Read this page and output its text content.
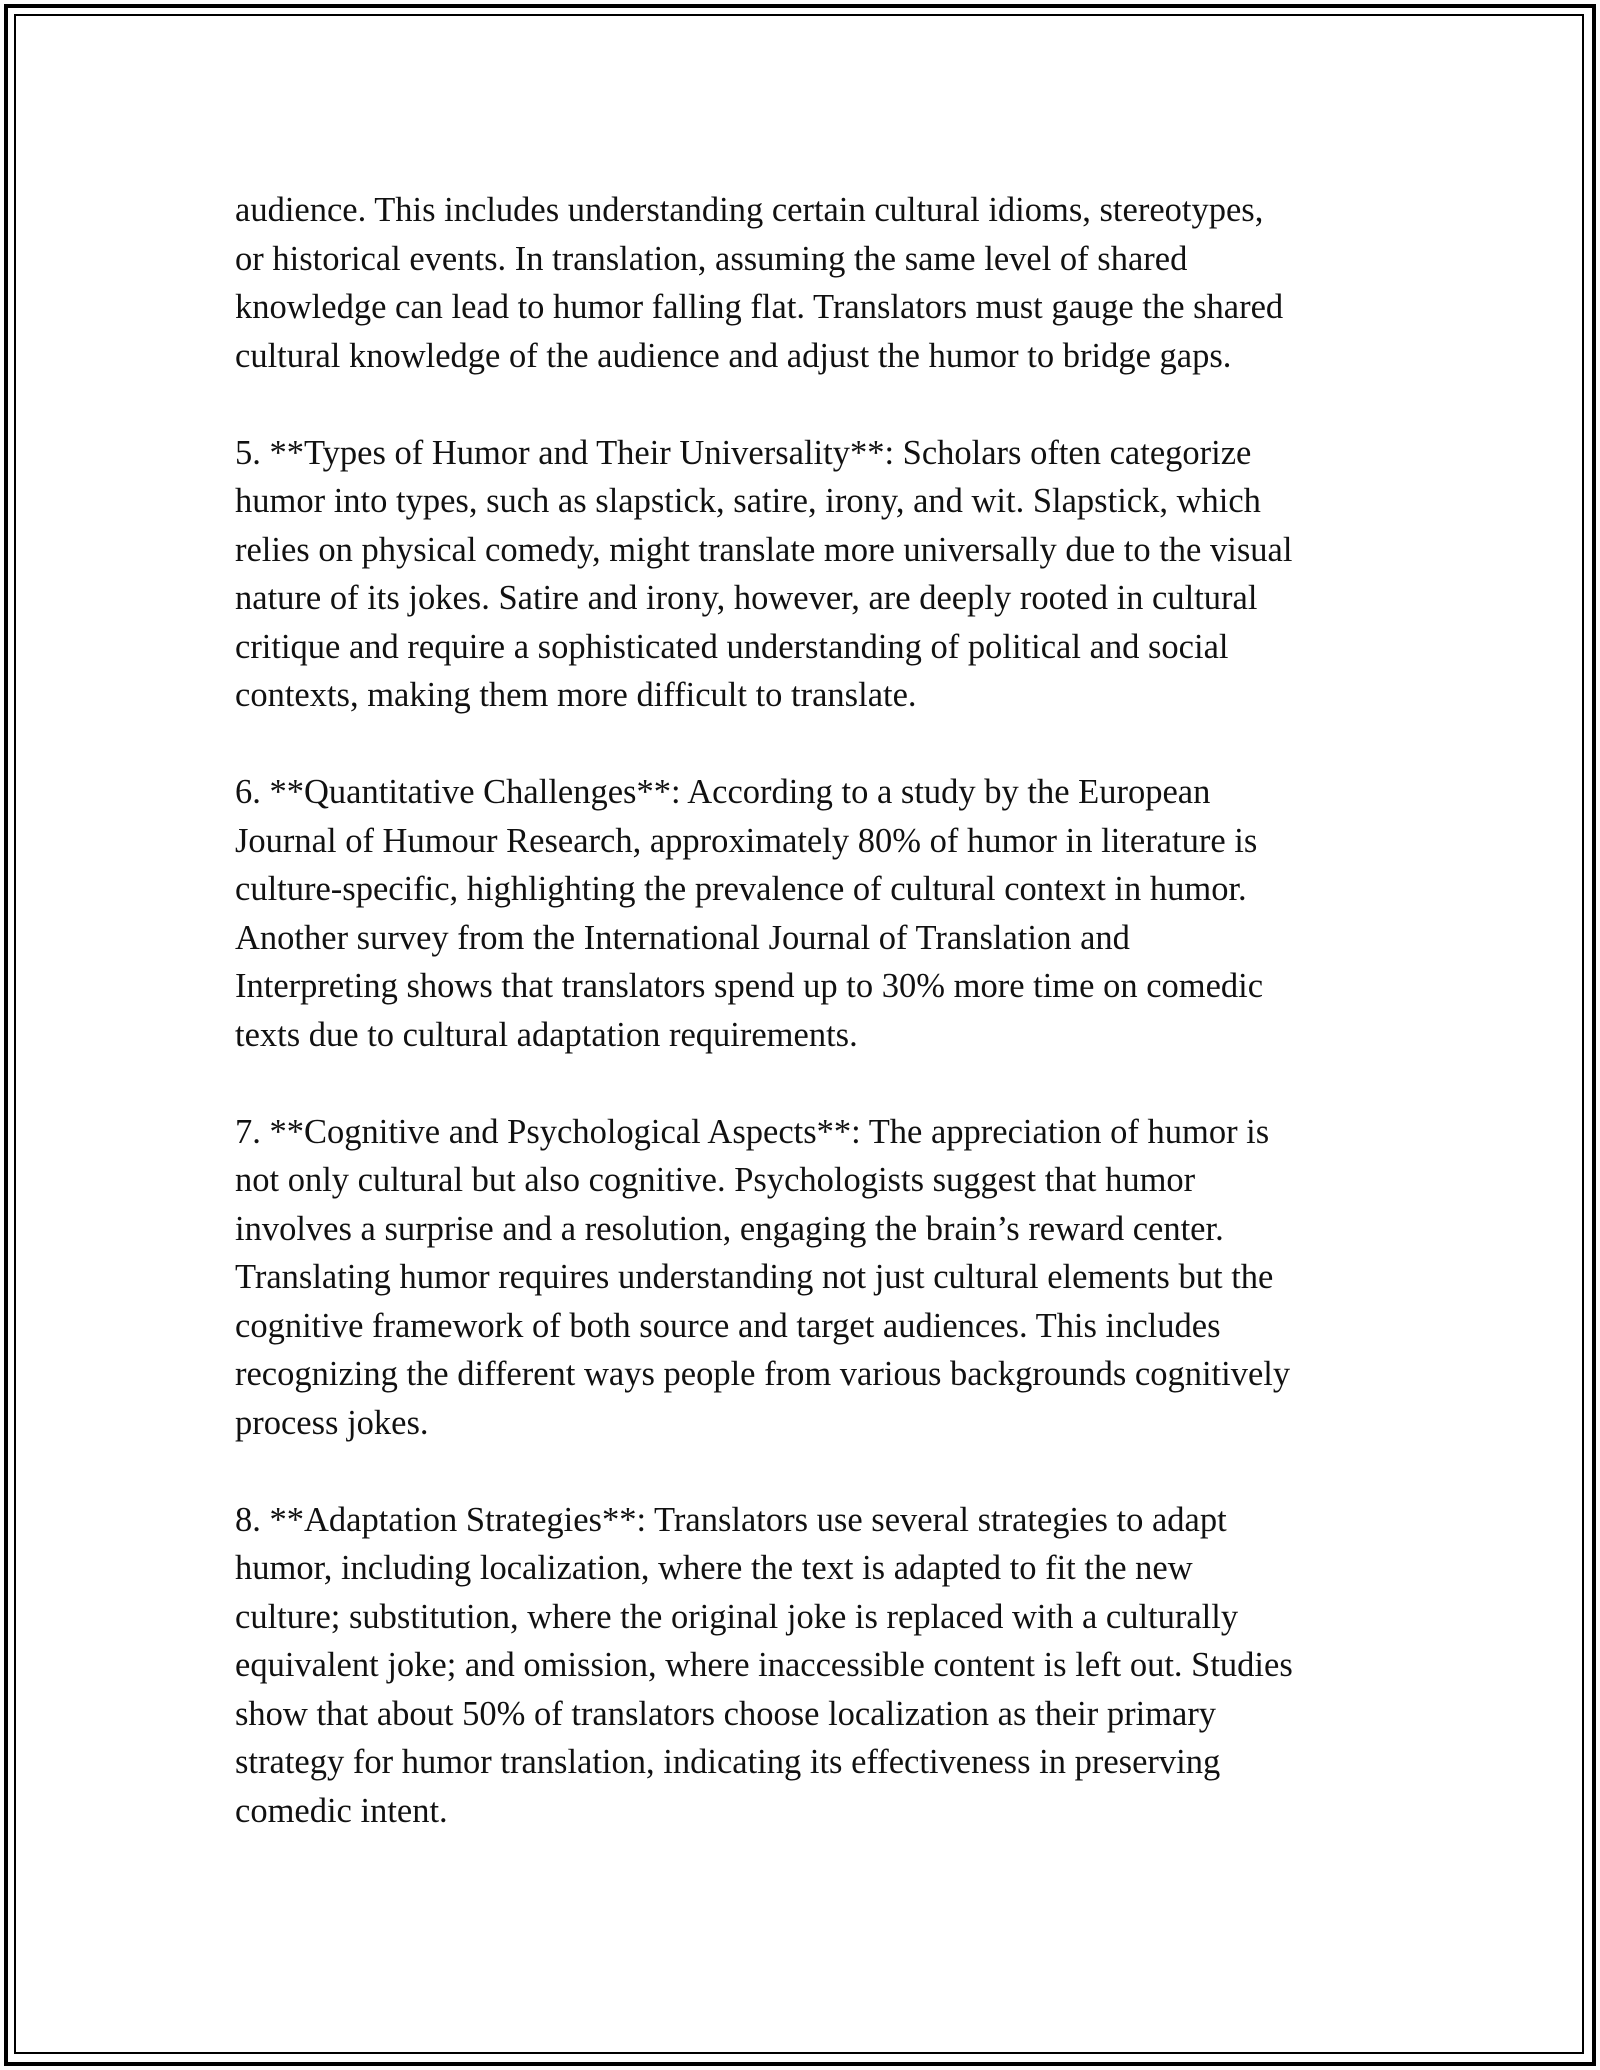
audience. This includes understanding certain cultural idioms, stereotypes,
or historical events. In translation, assuming the same level of shared
knowledge can lead to humor falling flat. Translators must gauge the shared
cultural knowledge of the audience and adjust the humor to bridge gaps.

5. **Types of Humor and Their Universality**: Scholars often categorize
humor into types, such as slapstick, satire, irony, and wit. Slapstick, which
relies on physical comedy, might translate more universally due to the visual
nature of its jokes. Satire and irony, however, are deeply rooted in cultural
critique and require a sophisticated understanding of political and social
contexts, making them more difficult to translate.

6. **Quantitative Challenges**: According to a study by the European
Journal of Humour Research, approximately 80% of humor in literature is
culture-specific, highlighting the prevalence of cultural context in humor.
Another survey from the International Journal of Translation and
Interpreting shows that translators spend up to 30% more time on comedic
texts due to cultural adaptation requirements.

7. **Cognitive and Psychological Aspects**: The appreciation of humor is
not only cultural but also cognitive. Psychologists suggest that humor
involves a surprise and a resolution, engaging the brain’s reward center.
Translating humor requires understanding not just cultural elements but the
cognitive framework of both source and target audiences. This includes
recognizing the different ways people from various backgrounds cognitively
process jokes.

8. **Adaptation Strategies**: Translators use several strategies to adapt
humor, including localization, where the text is adapted to fit the new
culture; substitution, where the original joke is replaced with a culturally
equivalent joke; and omission, where inaccessible content is left out. Studies
show that about 50% of translators choose localization as their primary
strategy for humor translation, indicating its effectiveness in preserving
comedic intent.
